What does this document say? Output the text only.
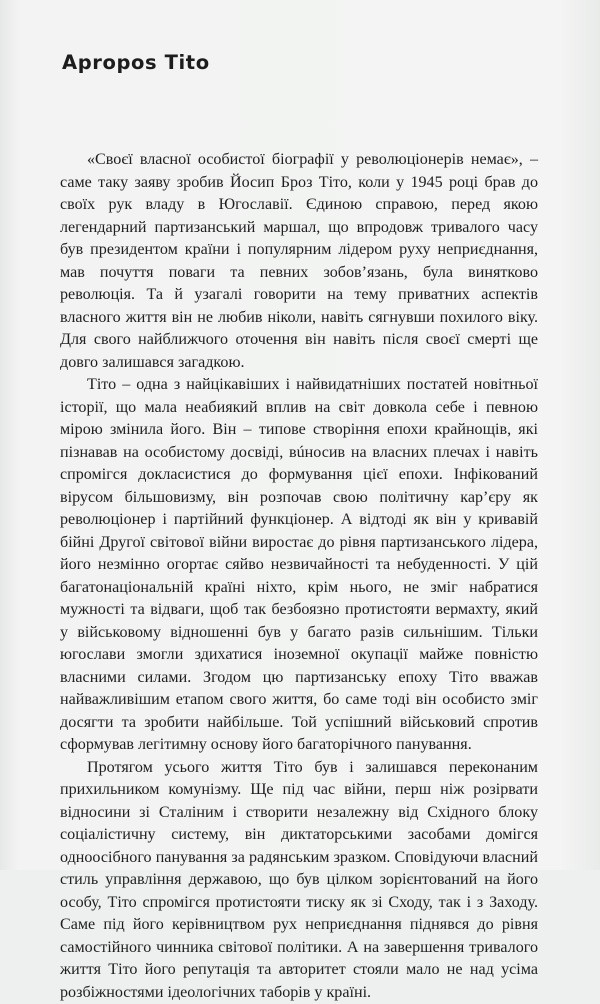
Apropos Tito

«Своєї власної особистої біографії у революціонерів немає», – саме таку заяву зробив Йосип Броз Тіто, коли у 1945 році брав до своїх рук владу в Югославії. Єдиною справою, перед якою легендарний партизанський маршал, що впродовж тривалого часу був президентом країни і популярним лідером руху неприєднання, мав почуття поваги та певних зобов’язань, була винятково революція. Та й узагалі говорити на тему приватних аспектів власного життя він не любив ніколи, навіть сягнувши похилого віку. Для свого найближчого оточення він навіть після своєї смерті ще довго залишався загадкою.

Тіто – одна з найцікавіших і найвидатніших постатей новітньої історії, що мала неабиякий вплив на світ довкола себе і певною мірою змінила його. Він – типове створіння епохи крайнощів, які пізнавав на особистому досвіді, вúносив на власних плечах і навіть спромігся докласистися до формування цієї епохи. Інфікований вірусом більшовизму, він розпочав свою політичну кар’єру як революціонер і партійний функціонер. А відтоді як він у кривавій бійні Другої світової війни виростає до рівня партизанського лідера, його незмінно огортає сяйво незвичайності та небуденності. У цій багатонаціональній країні ніхто, крім нього, не зміг набратися мужності та відваги, щоб так безбоязно протистояти вермахту, який у військовому відношенні був у багато разів сильнішим. Тільки югослави змогли здихатися іноземної окупації майже повністю власними силами. Згодом цю партизанську епоху Тіто вважав найважливішим етапом свого життя, бо саме тоді він особисто зміг досягти та зробити найбільше. Той успішний військовий спротив сформував легітимну основу його багаторічного панування.

Протягом усього життя Тіто був і залишався переконаним прихильником комунізму. Ще під час війни, перш ніж розірвати відносини зі Сталіним і створити незалежну від Східного блоку соціалістичну систему, він диктаторськими засобами домігся одноосібного панування за радянським зразком. Сповідуючи власний стиль управління державою, що був цілком зорієнтований на його особу, Тіто спромігся протистояти тиску як зі Сходу, так і з Заходу. Саме під його керівництвом рух неприєднання піднявся до рівня самостійного чинника світової політики. А на завершення тривалого життя Тіто його репутація та авторитет стояли мало не над усіма розбіжностями ідеологічних таборів у країні.
